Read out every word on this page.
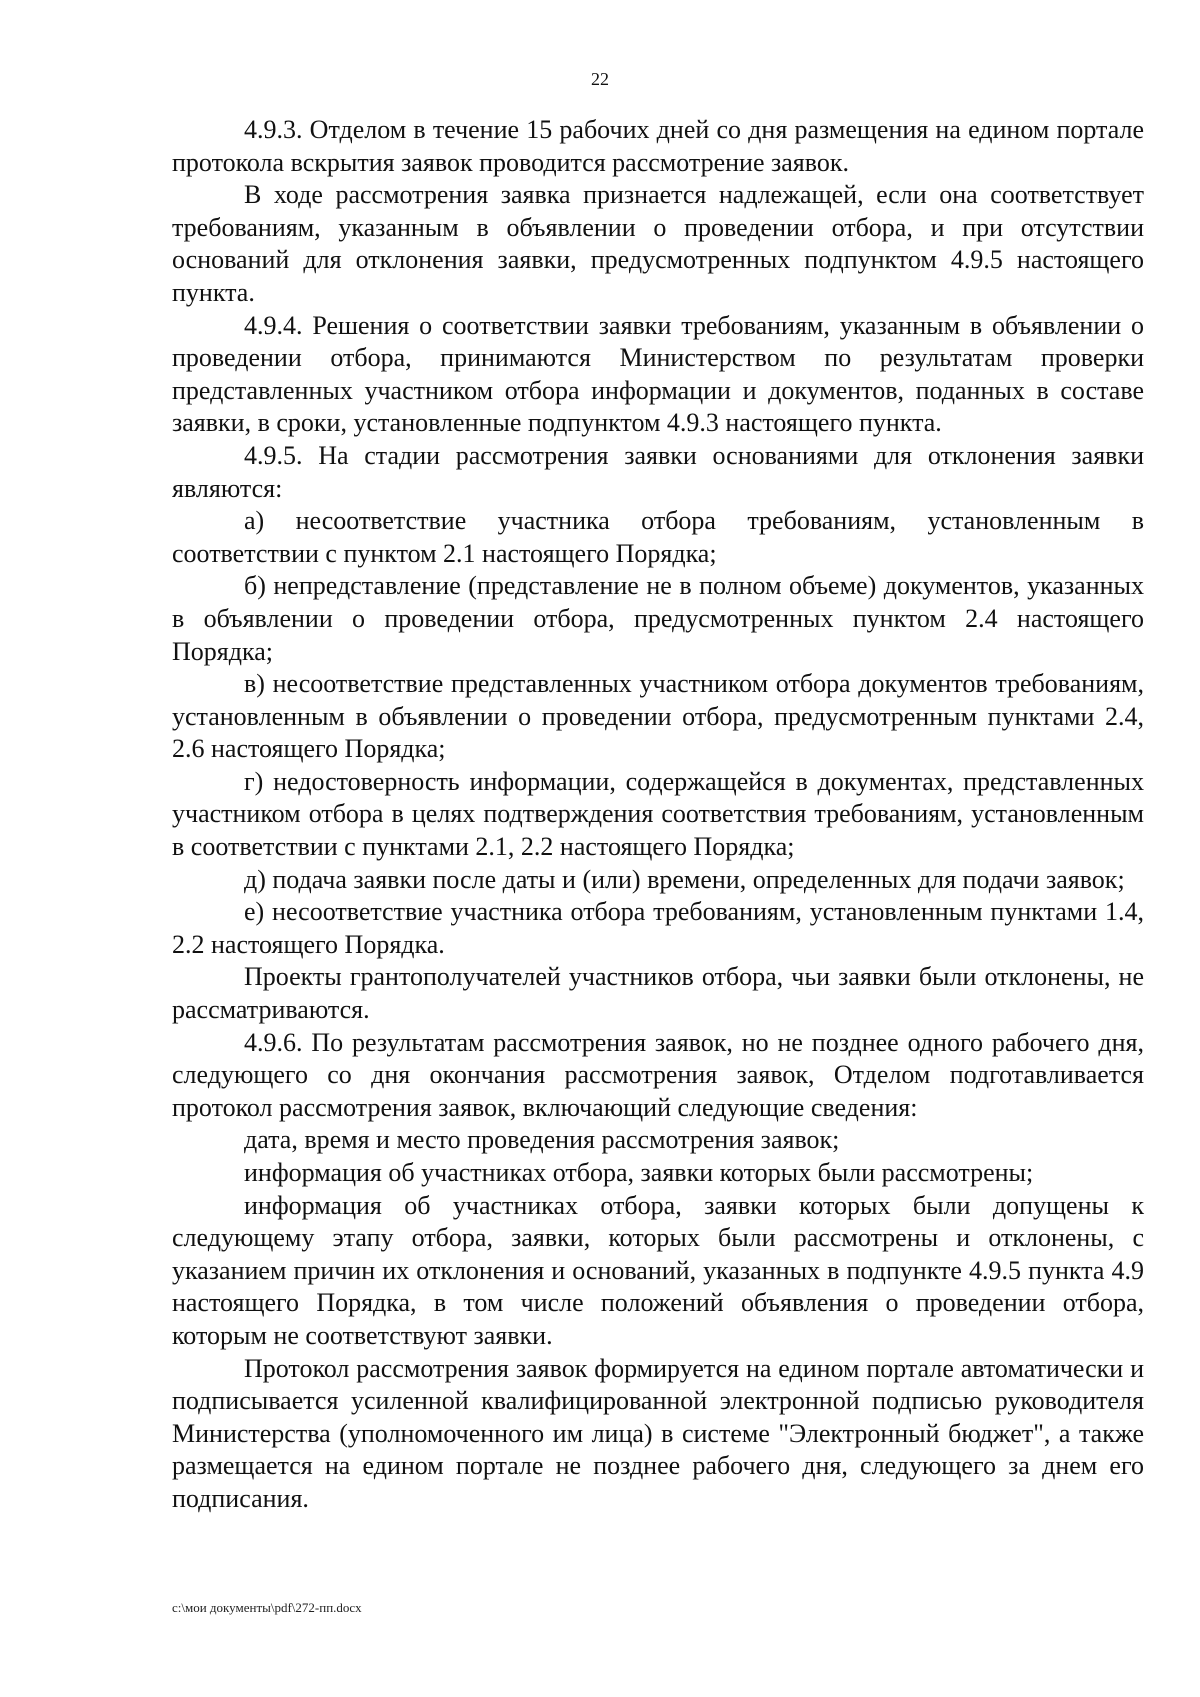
22

4.9.3. Отделом в течение 15 рабочих дней со дня размещения на едином портале протокола вскрытия заявок проводится рассмотрение заявок.

В ходе рассмотрения заявка признается надлежащей, если она соответствует требованиям, указанным в объявлении о проведении отбора, и при отсутствии оснований для отклонения заявки, предусмотренных подпунктом 4.9.5 настоящего пункта.

4.9.4. Решения о соответствии заявки требованиям, указанным в объявлении о проведении отбора, принимаются Министерством по результатам проверки представленных участником отбора информации и документов, поданных в составе заявки, в сроки, установленные подпунктом 4.9.3 настоящего пункта.

4.9.5. На стадии рассмотрения заявки основаниями для отклонения заявки являются:

а) несоответствие участника отбора требованиям, установленным в соответствии с пунктом 2.1 настоящего Порядка;

б) непредставление (представление не в полном объеме) документов, указанных в объявлении о проведении отбора, предусмотренных пунктом 2.4 настоящего Порядка;

в) несоответствие представленных участником отбора документов требованиям, установленным в объявлении о проведении отбора, предусмотренным пунктами 2.4, 2.6 настоящего Порядка;

г) недостоверность информации, содержащейся в документах, представленных участником отбора в целях подтверждения соответствия требованиям, установленным в соответствии с пунктами 2.1, 2.2 настоящего Порядка;

д) подача заявки после даты и (или) времени, определенных для подачи заявок;

е) несоответствие участника отбора требованиям, установленным пунктами 1.4, 2.2 настоящего Порядка.

Проекты грантополучателей участников отбора, чьи заявки были отклонены, не рассматриваются.

4.9.6. По результатам рассмотрения заявок, но не позднее одного рабочего дня, следующего со дня окончания рассмотрения заявок, Отделом подготавливается протокол рассмотрения заявок, включающий следующие сведения:

дата, время и место проведения рассмотрения заявок;

информация об участниках отбора, заявки которых были рассмотрены;

информация об участниках отбора, заявки которых были допущены к следующему этапу отбора, заявки, которых были рассмотрены и отклонены, с указанием причин их отклонения и оснований, указанных в подпункте 4.9.5 пункта 4.9 настоящего Порядка, в том числе положений объявления о проведении отбора, которым не соответствуют заявки.

Протокол рассмотрения заявок формируется на едином портале автоматически и подписывается усиленной квалифицированной электронной подписью руководителя Министерства (уполномоченного им лица) в системе "Электронный бюджет", а также размещается на едином портале не позднее рабочего дня, следующего за днем его подписания.

c:\мои документы\pdf\272-пп.docx
